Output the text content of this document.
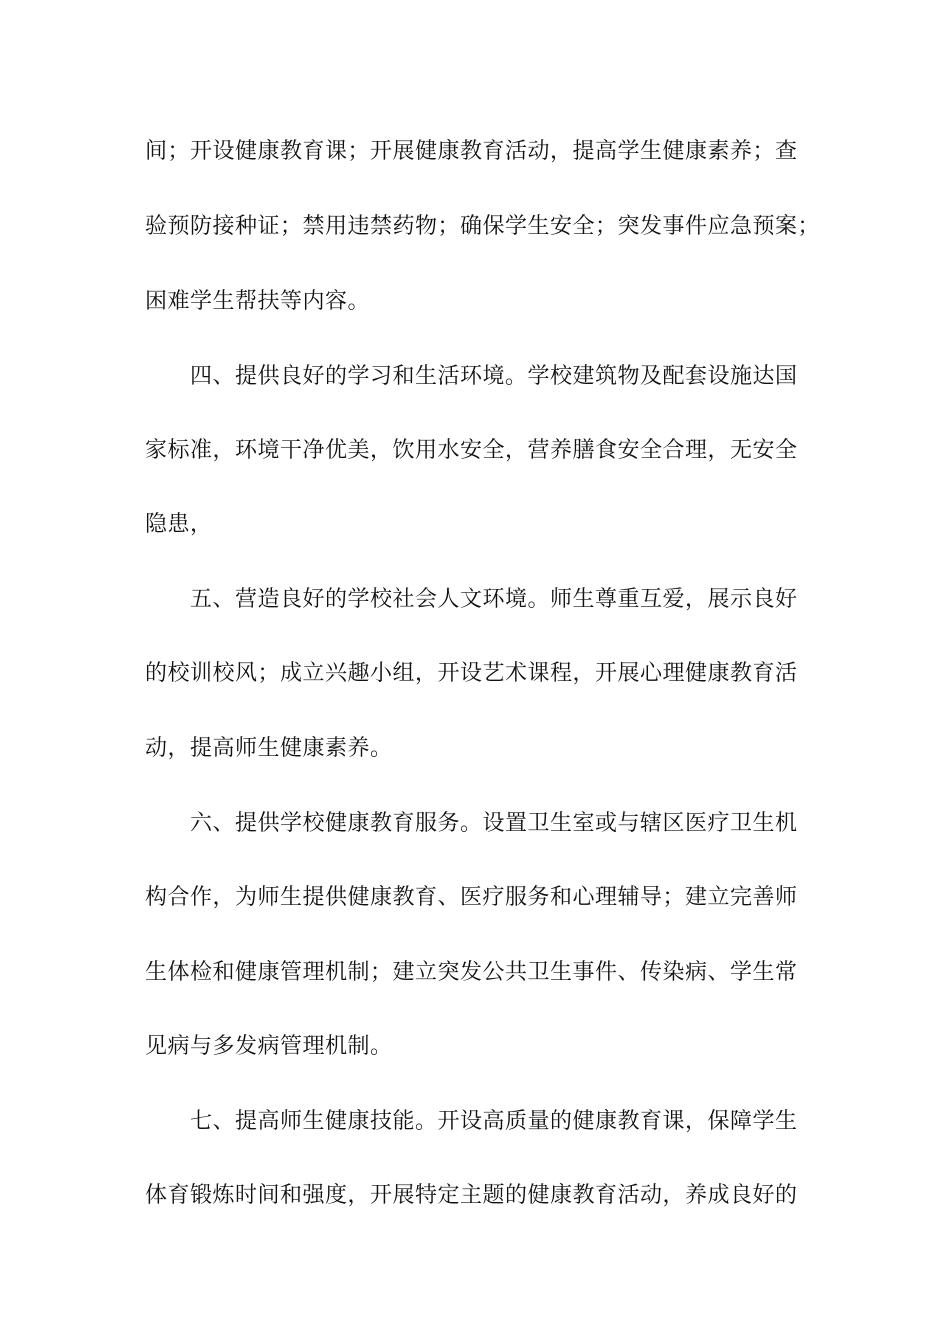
间；开设健康教育课；开展健康教育活动，提高学生健康素养；查
验预防接种证；禁用违禁药物；确保学生安全；突发事件应急预案；
困难学生帮扶等内容。
四、提供良好的学习和生活环境。学校建筑物及配套设施达国
家标准，环境干净优美，饮用水安全，营养膳食安全合理，无安全
隐患，
五、营造良好的学校社会人文环境。师生尊重互爱，展示良好
的校训校风；成立兴趣小组，开设艺术课程，开展心理健康教育活
动，提高师生健康素养。
六、提供学校健康教育服务。设置卫生室或与辖区医疗卫生机
构合作，为师生提供健康教育、医疗服务和心理辅导；建立完善师
生体检和健康管理机制；建立突发公共卫生事件、传染病、学生常
见病与多发病管理机制。
七、提高师生健康技能。开设高质量的健康教育课，保障学生
体育锻炼时间和强度，开展特定主题的健康教育活动，养成良好的
